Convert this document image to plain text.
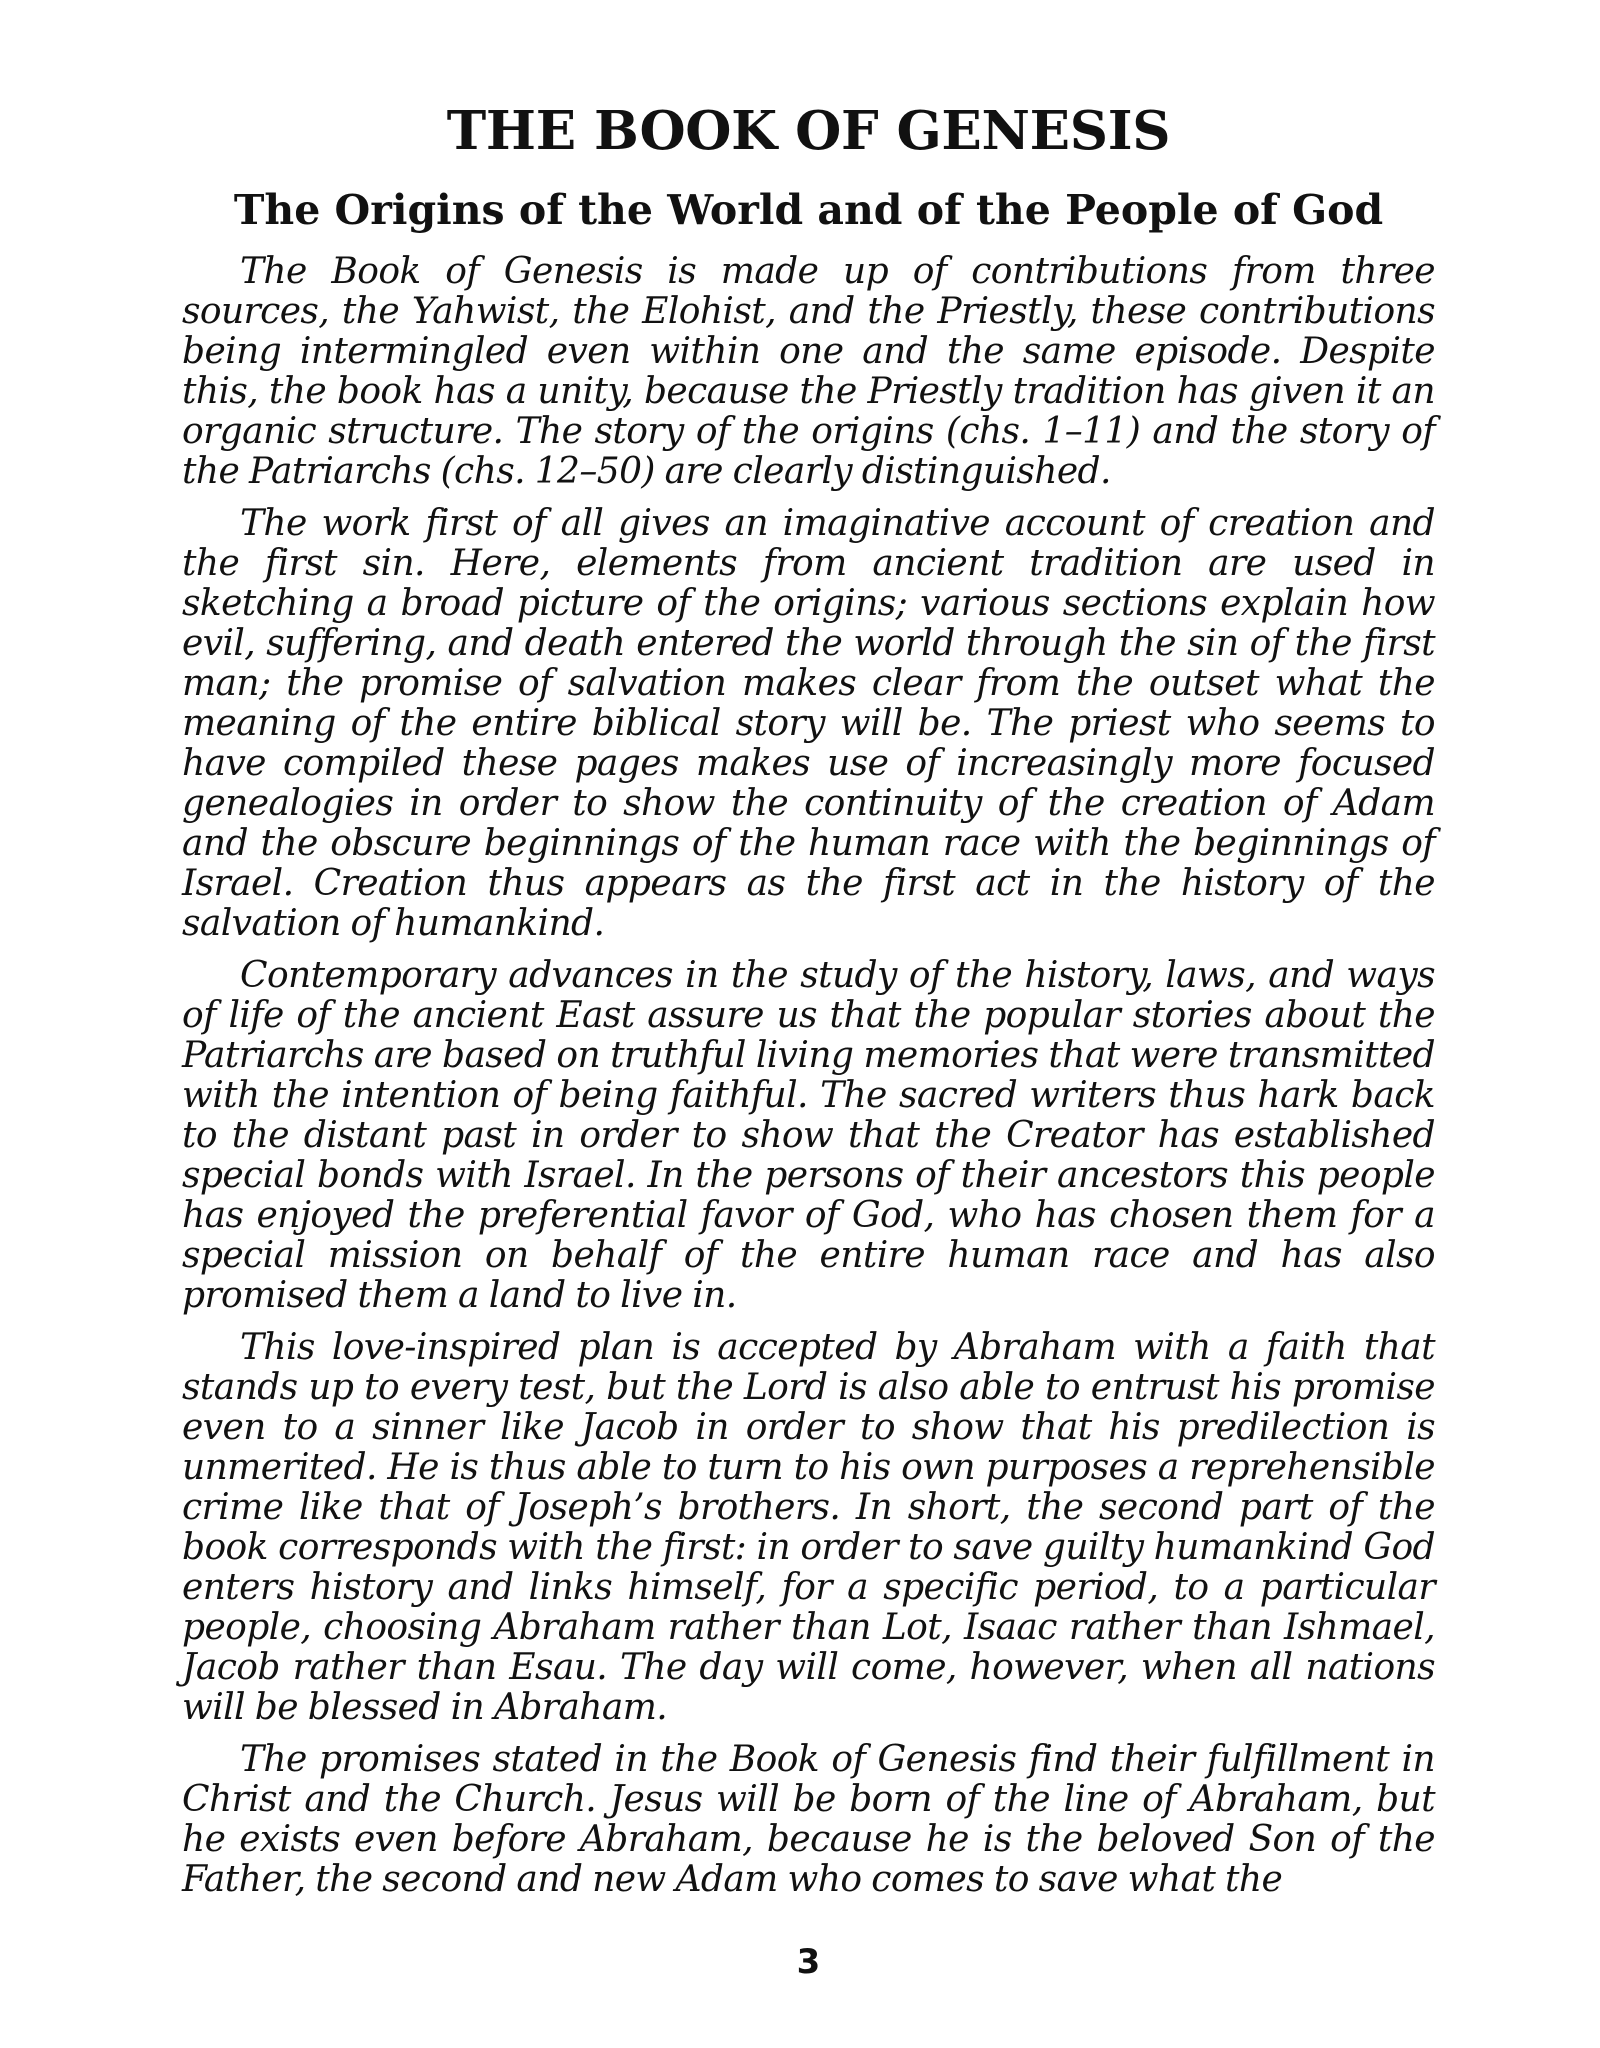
THE BOOK OF GENESIS
The Origins of the World and of the People of God

The Book of Genesis is made up of contributions from three sources, the Yahwist, the Elohist, and the Priestly, these contributions being intermingled even within one and the same episode. Despite this, the book has a unity, because the Priestly tradition has given it an organic structure. The story of the origins (chs. 1–11) and the story of the Patriarchs (chs. 12–50) are clearly distinguished.

The work first of all gives an imaginative account of creation and the first sin. Here, elements from ancient tradition are used in sketching a broad picture of the origins; various sections explain how evil, suffering, and death entered the world through the sin of the first man; the promise of salvation makes clear from the outset what the meaning of the entire biblical story will be. The priest who seems to have compiled these pages makes use of increasingly more focused genealogies in order to show the continuity of the creation of Adam and the obscure beginnings of the human race with the beginnings of Israel. Creation thus appears as the first act in the history of the salvation of humankind.

Contemporary advances in the study of the history, laws, and ways of life of the ancient East assure us that the popular stories about the Patriarchs are based on truthful living memories that were transmitted with the intention of being faithful. The sacred writers thus hark back to the distant past in order to show that the Creator has established special bonds with Israel. In the persons of their ancestors this people has enjoyed the preferential favor of God, who has chosen them for a special mission on behalf of the entire human race and has also promised them a land to live in.

This love-inspired plan is accepted by Abraham with a faith that stands up to every test, but the Lord is also able to entrust his promise even to a sinner like Jacob in order to show that his predilection is unmerited. He is thus able to turn to his own purposes a reprehensible crime like that of Joseph’s brothers. In short, the second part of the book corresponds with the first: in order to save guilty humankind God enters history and links himself, for a specific period, to a particular people, choosing Abraham rather than Lot, Isaac rather than Ishmael, Jacob rather than Esau. The day will come, however, when all nations will be blessed in Abraham.

The promises stated in the Book of Genesis find their fulfillment in Christ and the Church. Jesus will be born of the line of Abraham, but he exists even before Abraham, because he is the beloved Son of the Father, the second and new Adam who comes to save what the

3
